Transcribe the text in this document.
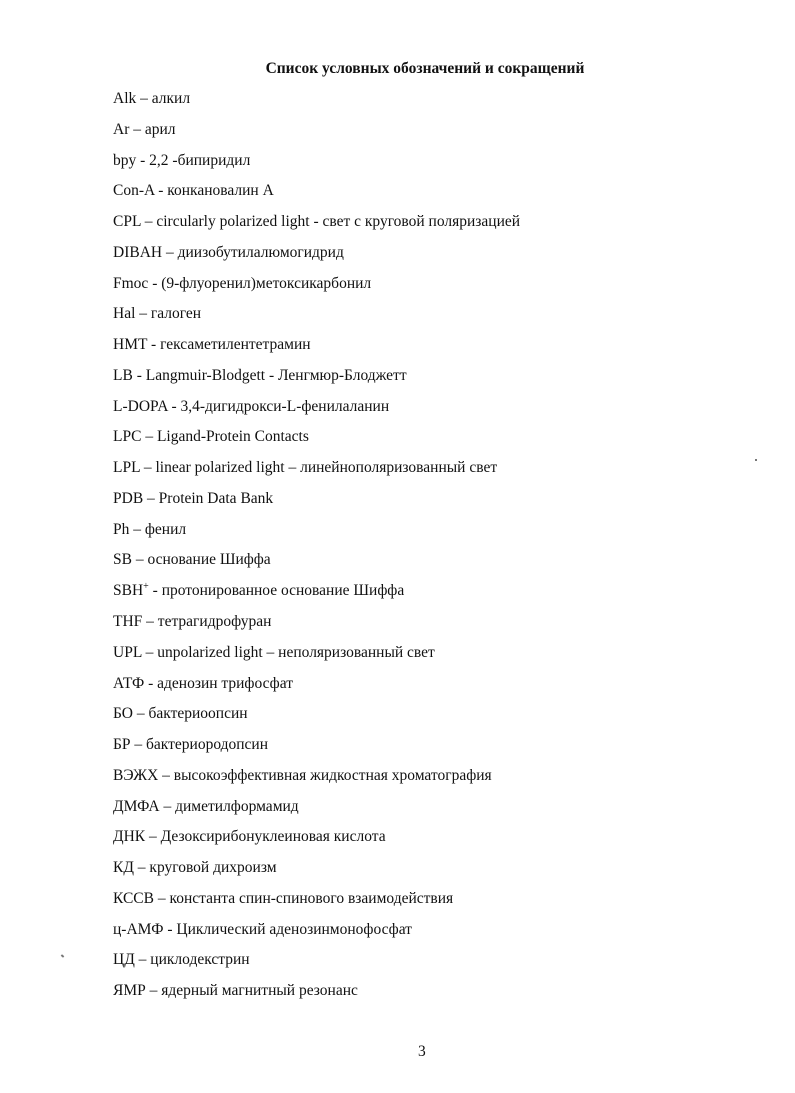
Список условных обозначений и сокращений
Alk – алкил
Ar – арил
bpy - 2,2 -бипиридил
Con-A - конкановалин A
CPL – circularly polarized light - свет с круговой поляризацией
DIBAH – диизобутилалюмогидрид
Fmoc - (9-флуоренил)метоксикарбонил
Hal – галоген
HMT - гексаметилентетрамин
LB - Langmuir-Blodgett - Ленгмюр-Блоджетт
L-DOPA - 3,4-дигидрокси-L-фенилаланин
LPC – Ligand-Protein Contacts
LPL – linear polarized light – линейнополяризованный свет
PDB – Protein Data Bank
Ph – фенил
SB – основание Шиффа
SBH+ - протонированное основание Шиффа
THF – тетрагидрофуран
UPL – unpolarized light – неполяризованный свет
АТФ - аденозин трифосфат
БО – бактериоопсин
БР – бактериородопсин
ВЭЖХ – высокоэффективная жидкостная хроматография
ДМФА – диметилформамид
ДНК – Дезоксирибонуклеиновая кислота
КД – круговой дихроизм
КССВ – константа спин-спинового взаимодействия
ц-АМФ - Циклический аденозинмонофосфат
ЦД – циклодекстрин
ЯМР – ядерный магнитный резонанс
3
